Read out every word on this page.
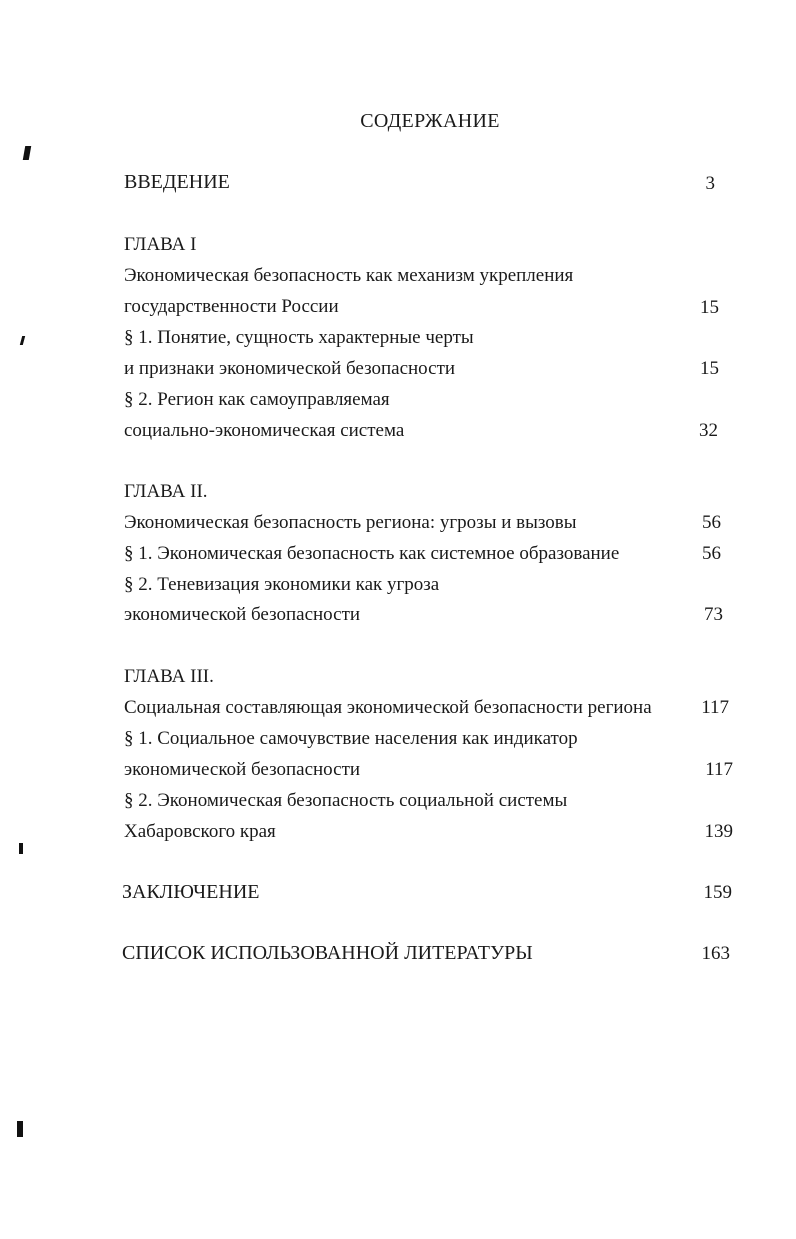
СОДЕРЖАНИЕ
ВВЕДЕНИЕ	3
ГЛАВА I
Экономическая безопасность как механизм укрепления
государственности России	15
§ 1. Понятие, сущность характерные черты
и признаки экономической безопасности	15
§ 2. Регион как самоуправляемая
социально-экономическая система	32
ГЛАВА II.
Экономическая безопасность региона: угрозы и вызовы	56
§ 1. Экономическая безопасность как системное образование	56
§ 2. Теневизация экономики как угроза
экономической безопасности	73
ГЛАВА III.
Социальная составляющая экономической безопасности региона	117
§ 1. Социальное самочувствие населения как индикатор
экономической безопасности	117
§ 2. Экономическая безопасность социальной системы
Хабаровского края	139
ЗАКЛЮЧЕНИЕ	159
СПИСОК ИСПОЛЬЗОВАННОЙ ЛИТЕРАТУРЫ	163
